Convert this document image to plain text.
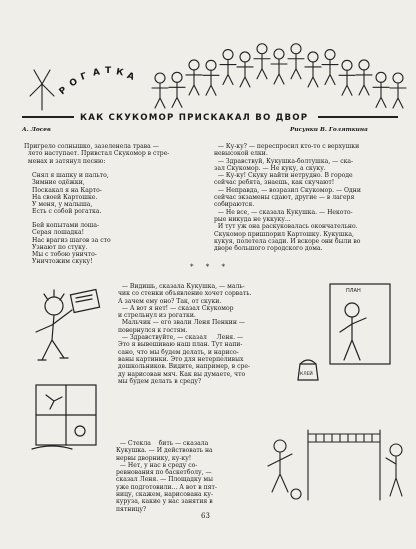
Р
О Г А Т К А
КАК СКУКОМОР ПРИСКАКАЛ ВО ДВОР
А. Лосев	Рисунки В. Голяткина

Пригрело солнышко, зазеленела трава —
лето наступает. Привстал Скукомор в стре-
менах и затянул песню:

Снял я шапку и пальто,
Зимние одёжки,
Поскакал я на Карто-
На своей Картошке.
У меня, у малыша,
Есть с собой рогатка.

Бей копытами лоша-
Серая лошадка!
Нас врагиз шагов за сто
Узнают по стуку.
Мы с тобою уничто-
Уничтожим скуку!

— Ку-ку? — переспросил кто-то с верхушки
невысокой елки.
— Здравствуй, Кукушка-болтушка, — ска-
зал Скукомор. — Не куку, а скуку.
— Ку-ку! Скуку найти нетрудно. В городе
сейчас ребята, знаешь, как скучают!
— Неправда, — возразил Скукомор. — Одни
сейчас экзамены сдают, другие — в лагеря
собираются.
— Не все, — сказала Кукушка. — Некото-
рые никуда не уккуку...
И тут уж она раскуковалась окончательно.
Скукомор пришпорил Картошку. Кукушка,
кукуя, полетела сзади. И вскоре они были во
дворе большого городского дома.

* * *

— Видишь, сказала Кукушка, — маль-
чик со стенки объявление хочет сорвать.
А зачем ему оно? Так, от скуки.
— А вот я нет! — сказал Скукомор
и стрельнул из рогатки.
Мальчик — его звали Леня Пенкин —
повернулся к гостям.
— Здравствуйте, — сказал     Леня. —
Это я вывешиваю наш план. Тут напи-
сано, что мы будем делать, и нарисо-
ваны картинки. Это для нетерпеливых
дошкольников. Видите, например, в сре-
ду нарисован мяч. Как вы думаете, что
мы будем делать в среду?

— Стекла    бить — сказала
Кукушка. — И действовать на
нервы дворнику, ку-ку!
— Нет, у нас в среду со-
ревнования по баскетболу, —
сказал Леня. — Площадку мы
уже подготовили... А вот в пят-
ницу, скажем, нарисована ку-
куруза, какие у нас занятия в
пятницу?

ПЛАН
КЛЕЙ
63
